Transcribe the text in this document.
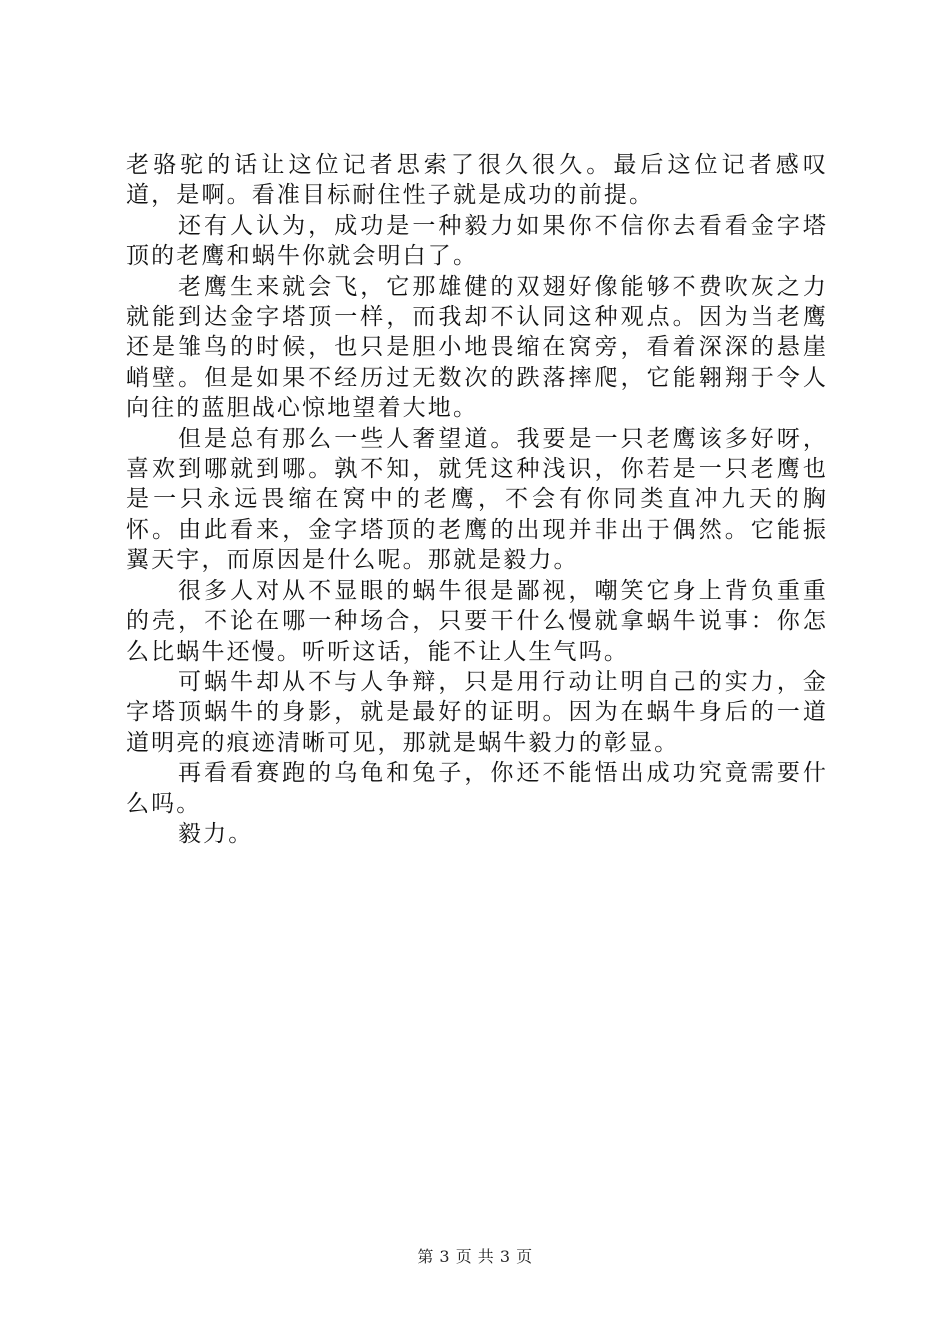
老骆驼的话让这位记者思索了很久很久。最后这位记者感叹道，是啊。看准目标耐住性子就是成功的前提。

还有人认为，成功是一种毅力如果你不信你去看看金字塔顶的老鹰和蜗牛你就会明白了。

老鹰生来就会飞，它那雄健的双翅好像能够不费吹灰之力就能到达金字塔顶一样，而我却不认同这种观点。因为当老鹰还是雏鸟的时候，也只是胆小地畏缩在窝旁，看着深深的悬崖峭壁。但是如果不经历过无数次的跌落摔爬，它能翱翔于令人向往的蓝胆战心惊地望着大地。

但是总有那么一些人奢望道。我要是一只老鹰该多好呀，喜欢到哪就到哪。孰不知，就凭这种浅识，你若是一只老鹰也是一只永远畏缩在窝中的老鹰，不会有你同类直冲九天的胸怀。由此看来，金字塔顶的老鹰的出现并非出于偶然。它能振翼天宇，而原因是什么呢。那就是毅力。

很多人对从不显眼的蜗牛很是鄙视，嘲笑它身上背负重重的壳，不论在哪一种场合，只要干什么慢就拿蜗牛说事：你怎么比蜗牛还慢。听听这话，能不让人生气吗。

可蜗牛却从不与人争辩，只是用行动让明自己的实力，金字塔顶蜗牛的身影，就是最好的证明。因为在蜗牛身后的一道道明亮的痕迹清晰可见，那就是蜗牛毅力的彰显。

再看看赛跑的乌龟和兔子，你还不能悟出成功究竟需要什么吗。

毅力。

第 3 页 共 3 页
